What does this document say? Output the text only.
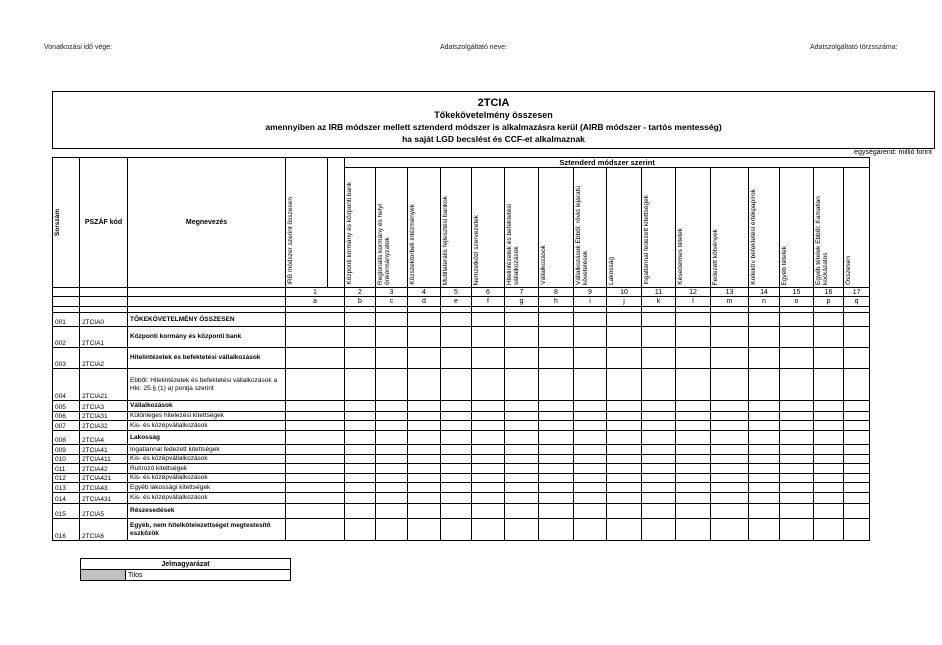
Vonatkozási idő vége:	Adatszolgáltató neve:	Adatszolgáltató törzsszáma:
2TCIA
Tőkekövetelmény összesen
amennyiben az IRB módszer mellett sztenderd módszer is alkalmazásra kerül (AIRB módszer - tartós mentesség)
ha saját LGD becslést és CCF-et alkalmaznak
egységárend: millió forint
Sorszám	PSZÁF kód	Megnevezés	IRB módszer szerint összesen		Sztenderd módszer szerint																

					Központi kormány és központi bank	Regionális kormány és helyi önkormányzatok	Közszektorbeli intézmények	Multilaterális fejlesztési bankok	Nemzetközi szervezetek	Hitelintézetek és befektetési vállalkozások	Vállalkozások	Vállalkozások Ebből: rövid lejáratú követelések	Lakosság	Ingatlannal fedezett kitettségek	Késedelmes tételek	Fedezett kötvények	Kollektív befektetési értékpapírok	Egyéb tételek	Egyéb tételek Ebből: Kamatlan kockázatos	Összesen

			1		2	3	4	5	6	7	8	9	10	11	12	13	14	15	16	17		
			a		b	c	d	e	f	g	h	i	j	k	l	m	n	o	p	q		

001	2TCIA0	TŐKEKÖVETELMÉNY ÖSSZESEN																			
002	2TCIA1	Központi kormány és központi bank																			
003	2TCIA2	Hitelintézetek és befektetési vállalkozások																			
004	2TCIA21	Ebből: Hitelintézetek és befektetési vállalkozások a Hkr. 25.§ (1) a) pontja szerint																			
005	2TCIA3	Vállalkozások																			
006	2TCIA31	Különleges hitelezési kitettségek																			
007	2TCIA32	Kis- és középvállalkozások																			
008	2TCIA4	Lakosság																			
009	2TCIA41	Ingatlannal fedezett kitettségek																			
010	2TCIA411	Kis- és középvállalkozások																			
011	2TCIA42	Rulírozó kitettségek																			
012	2TCIA421	Kis- és középvállalkozások																			
013	2TCIA43	Egyéb lakossági kitettségek																			
014	2TCIA431	Kis- és középvállalkozások																			
015	2TCIA5	Részesedések																			
016	2TCIA6	Egyéb, nem hitelkötelezettséget megtestesítő eszközök																			
Jelmagyarázat
	Tilos
